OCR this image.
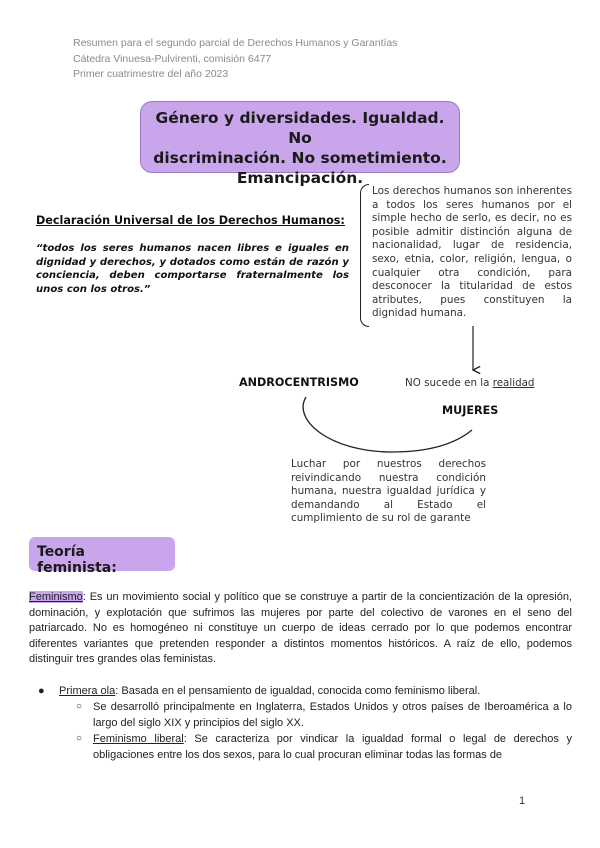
Resumen para el segundo parcial de Derechos Humanos y Garantías
Cátedra Vinuesa-Pulvirenti, comisión 6477
Primer cuatrimestre del año 2023
Género y diversidades. Igualdad. No
discriminación. No sometimiento.
Emancipación.
Declaración Universal de los Derechos Humanos:
“todos los seres humanos nacen libres e iguales en dignidad y derechos, y dotados como están de razón y conciencia, deben comportarse fraternalmente los unos con los otros.”
Los derechos humanos son inherentes a todos los seres humanos por el simple hecho de serlo, es decir, no es posible admitir distinción alguna de nacionalidad, lugar de residencia, sexo, etnia, color, religión, lengua, o cualquier otra condición, para desconocer la titularidad de estos atributes, pues constituyen la dignidad humana.
ANDROCENTRISMO	NO sucede en la realidad
MUJERES
Luchar por nuestros derechos reivindicando nuestra condición humana, nuestra igualdad jurídica y demandando al Estado el cumplimiento de su rol de garante
Teoría feminista:
Feminismo: Es un movimiento social y político que se construye a partir de la concientización de la opresión, dominación, y explotación que sufrimos las mujeres por parte del colectivo de varones en el seno del patriarcado. No es homogéneo ni constituye un cuerpo de ideas cerrado por lo que podemos encontrar diferentes variantes que pretenden responder a distintos momentos históricos. A raíz de ello, podemos distinguir tres grandes olas feministas.
● Primera ola: Basada en el pensamiento de igualdad, conocida como feminismo liberal.
○ Se desarrolló principalmente en Inglaterra, Estados Unidos y otros países de Iberoamérica a lo largo del siglo XIX y principios del siglo XX.
○ Feminismo liberal: Se caracteriza por vindicar la igualdad formal o legal de derechos y obligaciones entre los dos sexos, para lo cual procuran eliminar todas las formas de
1
